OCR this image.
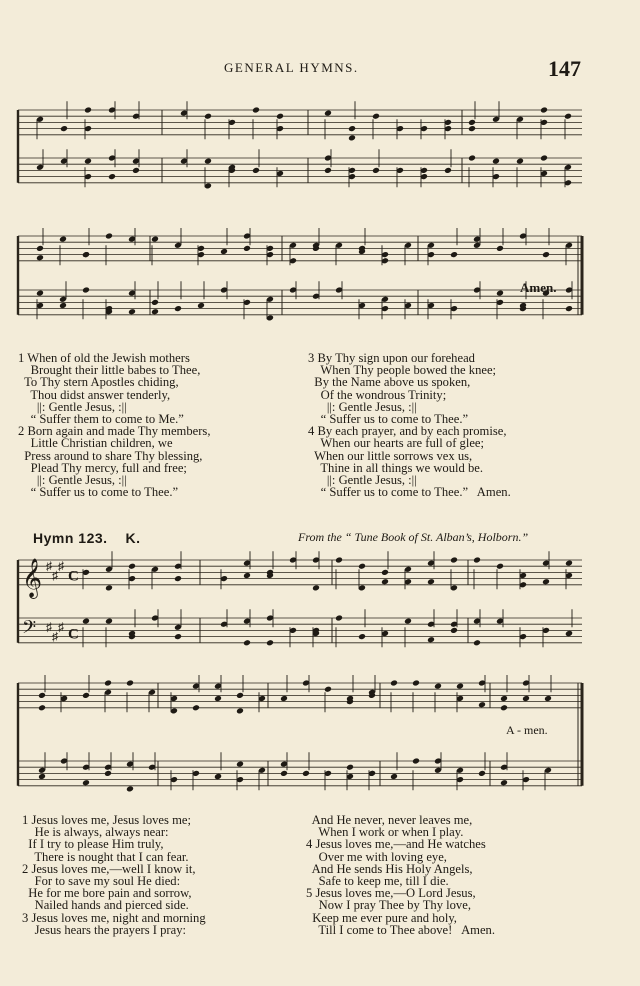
GENERAL HYMNS.	147
Amen.
1 When of old the Jewish mothers
Brought their little babes to Thee,
To Thy stern Apostles chiding,
Thou didst answer tenderly,
||: Gentle Jesus, :||
“ Suffer them to come to Me.”
2 Born again and made Thy members,
Little Christian children, we
Press around to share Thy blessing,
Plead Thy mercy, full and free;
||: Gentle Jesus, :||
“ Suffer us to come to Thee.”
3 By Thy sign upon our forehead
When Thy people bowed the knee;
By the Name above us spoken,
Of the wondrous Trinity;
||: Gentle Jesus, :||
“ Suffer us to come to Thee.”
4 By each prayer, and by each promise,
When our hearts are full of glee;
When our little sorrows vex us,
Thine in all things we would be.
||: Gentle Jesus, :||
“ Suffer us to come to Thee.”   Amen.
Hymn 123. K.	From the “ Tune Book of St. Alban’s, Holborn.”
𝄞
𝄢
♯
♯
♯
C
♯
♯
♯ C
A - men.
1 Jesus loves me, Jesus loves me;
He is always, always near:
If I try to please Him truly,
There is nought that I can fear.
2 Jesus loves me,—well I know it,
For to save my soul He died:
He for me bore pain and sorrow,
Nailed hands and pierced side.
3 Jesus loves me, night and morning
Jesus hears the prayers I pray:
And He never, never leaves me,
When I work or when I play.
4 Jesus loves me,—and He watches
Over me with loving eye,
And He sends His Holy Angels,
Safe to keep me, till I die.
5 Jesus loves me,—O Lord Jesus,
Now I pray Thee by Thy love,
Keep me ever pure and holy,
Till I come to Thee above!   Amen.
